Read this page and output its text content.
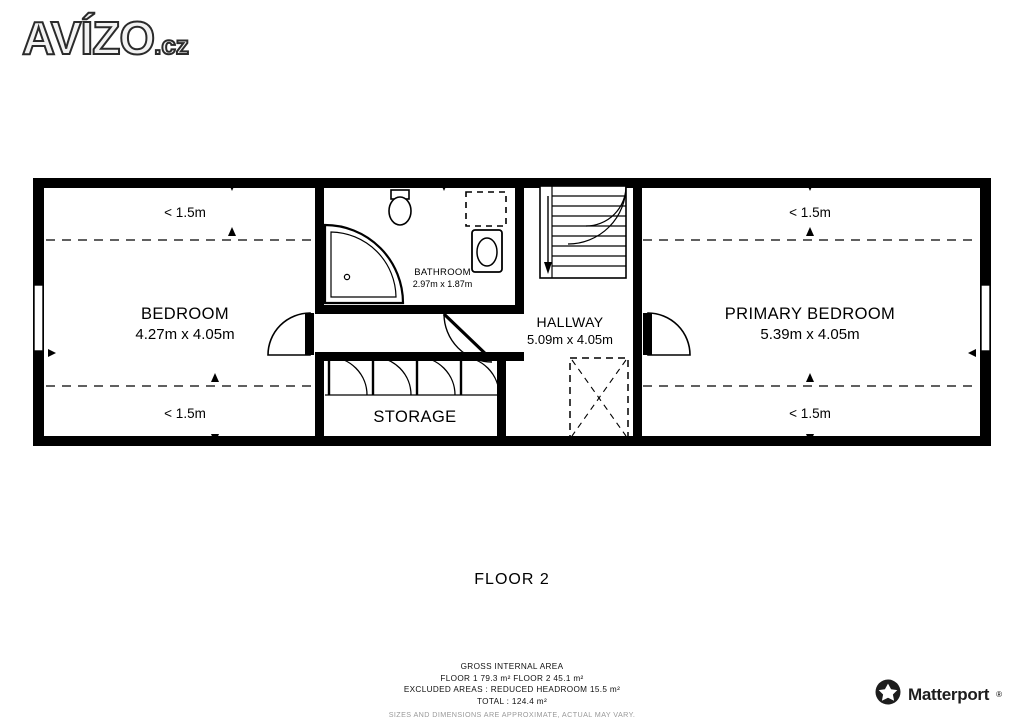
AVÍZO.cz
< 1.5m
< 1.5m
< 1.5m
< 1.5m
BEDROOM
4.27m x 4.05m
BATHROOM
2.97m x 1.87m
HALLWAY
5.09m x 4.05m
STORAGE
PRIMARY BEDROOM
5.39m x 4.05m
FLOOR 2
GROSS INTERNAL AREA
FLOOR 1 79.3 m² FLOOR 2 45.1 m²
EXCLUDED AREAS : REDUCED HEADROOM 15.5 m²
TOTAL : 124.4 m²
SIZES AND DIMENSIONS ARE APPROXIMATE, ACTUAL MAY VARY.
Matterport ®
